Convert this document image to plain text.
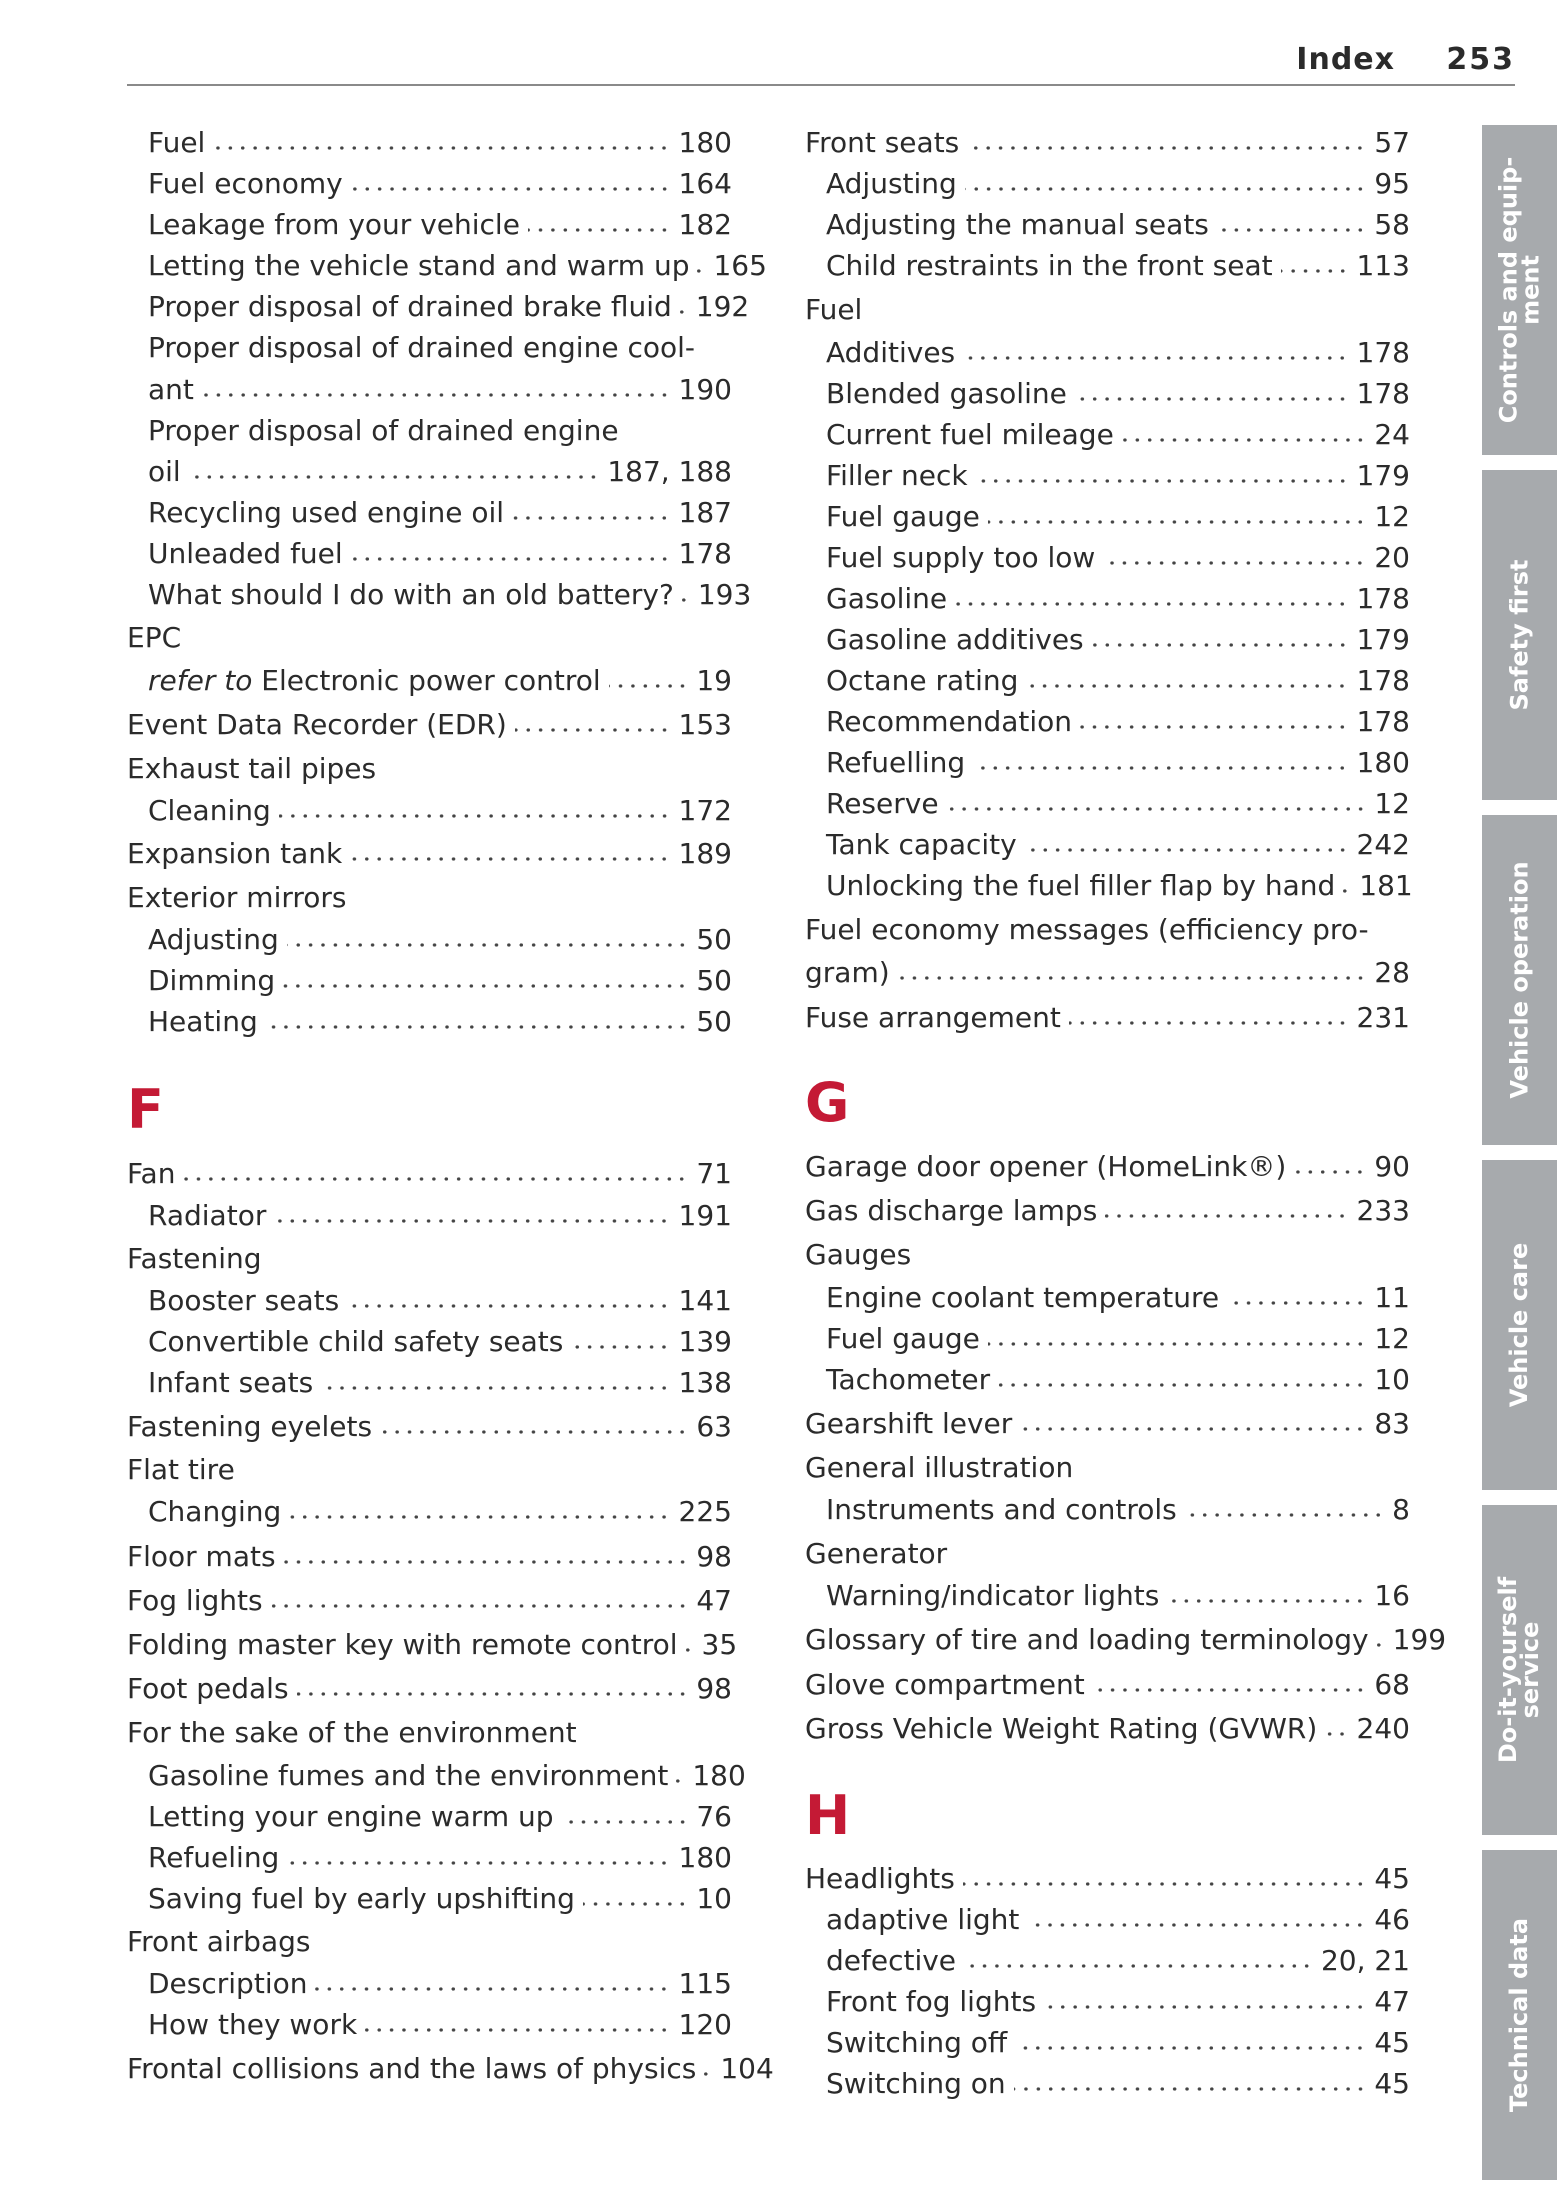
Index 253
Fuel	180
Fuel economy	164
Leakage from your vehicle	182
Letting the vehicle stand and warm up 165
Proper disposal of drained brake fluid 192
Proper disposal of drained engine cool-
ant	190
Proper disposal of drained engine
oil	187, 188
Recycling used engine oil	187
Unleaded fuel	178
What should I do with an old battery? 193
EPC
refer to Electronic power control	19
Event Data Recorder (EDR)	153
Exhaust tail pipes
Cleaning	172
Expansion tank	189
Exterior mirrors
Adjusting	50
Dimming	50
Heating	50
F
Fan	71
Radiator	191
Fastening
Booster seats	141
Convertible child safety seats	139
Infant seats	138
Fastening eyelets	63
Flat tire
Changing	225
Floor mats	98
Fog lights	47
Folding master key with remote control 35
Foot pedals	98
For the sake of the environment
Gasoline fumes and the environment 180
Letting your engine warm up	76
Refueling	180
Saving fuel by early upshifting	10
Front airbags
Description	115
How they work	120
Frontal collisions and the laws of physics 104
Front seats	57
Adjusting	95
Adjusting the manual seats	58
Child restraints in the front seat	113
Fuel
Additives	178
Blended gasoline	178
Current fuel mileage	24
Filler neck	179
Fuel gauge	12
Fuel supply too low	20
Gasoline	178
Gasoline additives	179
Octane rating	178
Recommendation	178
Refuelling	180
Reserve	12
Tank capacity	242
Unlocking the fuel filler flap by hand 181
Fuel economy messages (efficiency pro-
gram)	28
Fuse arrangement	231
G
Garage door opener (HomeLink®)	90
Gas discharge lamps	233
Gauges
Engine coolant temperature	11
Fuel gauge	12
Tachometer	10
Gearshift lever	83
General illustration
Instruments and controls	8
Generator
Warning/indicator lights	16
Glossary of tire and loading terminology 199
Glove compartment	68
Gross Vehicle Weight Rating (GVWR) 240
H
Headlights	45
adaptive light	46
defective	20, 21
Front fog lights	47
Switching off	45
Switching on	45
Controls and equip-
ment
Safety first
Vehicle operation
Vehicle care
Do-it-yourself
service
Technical data
